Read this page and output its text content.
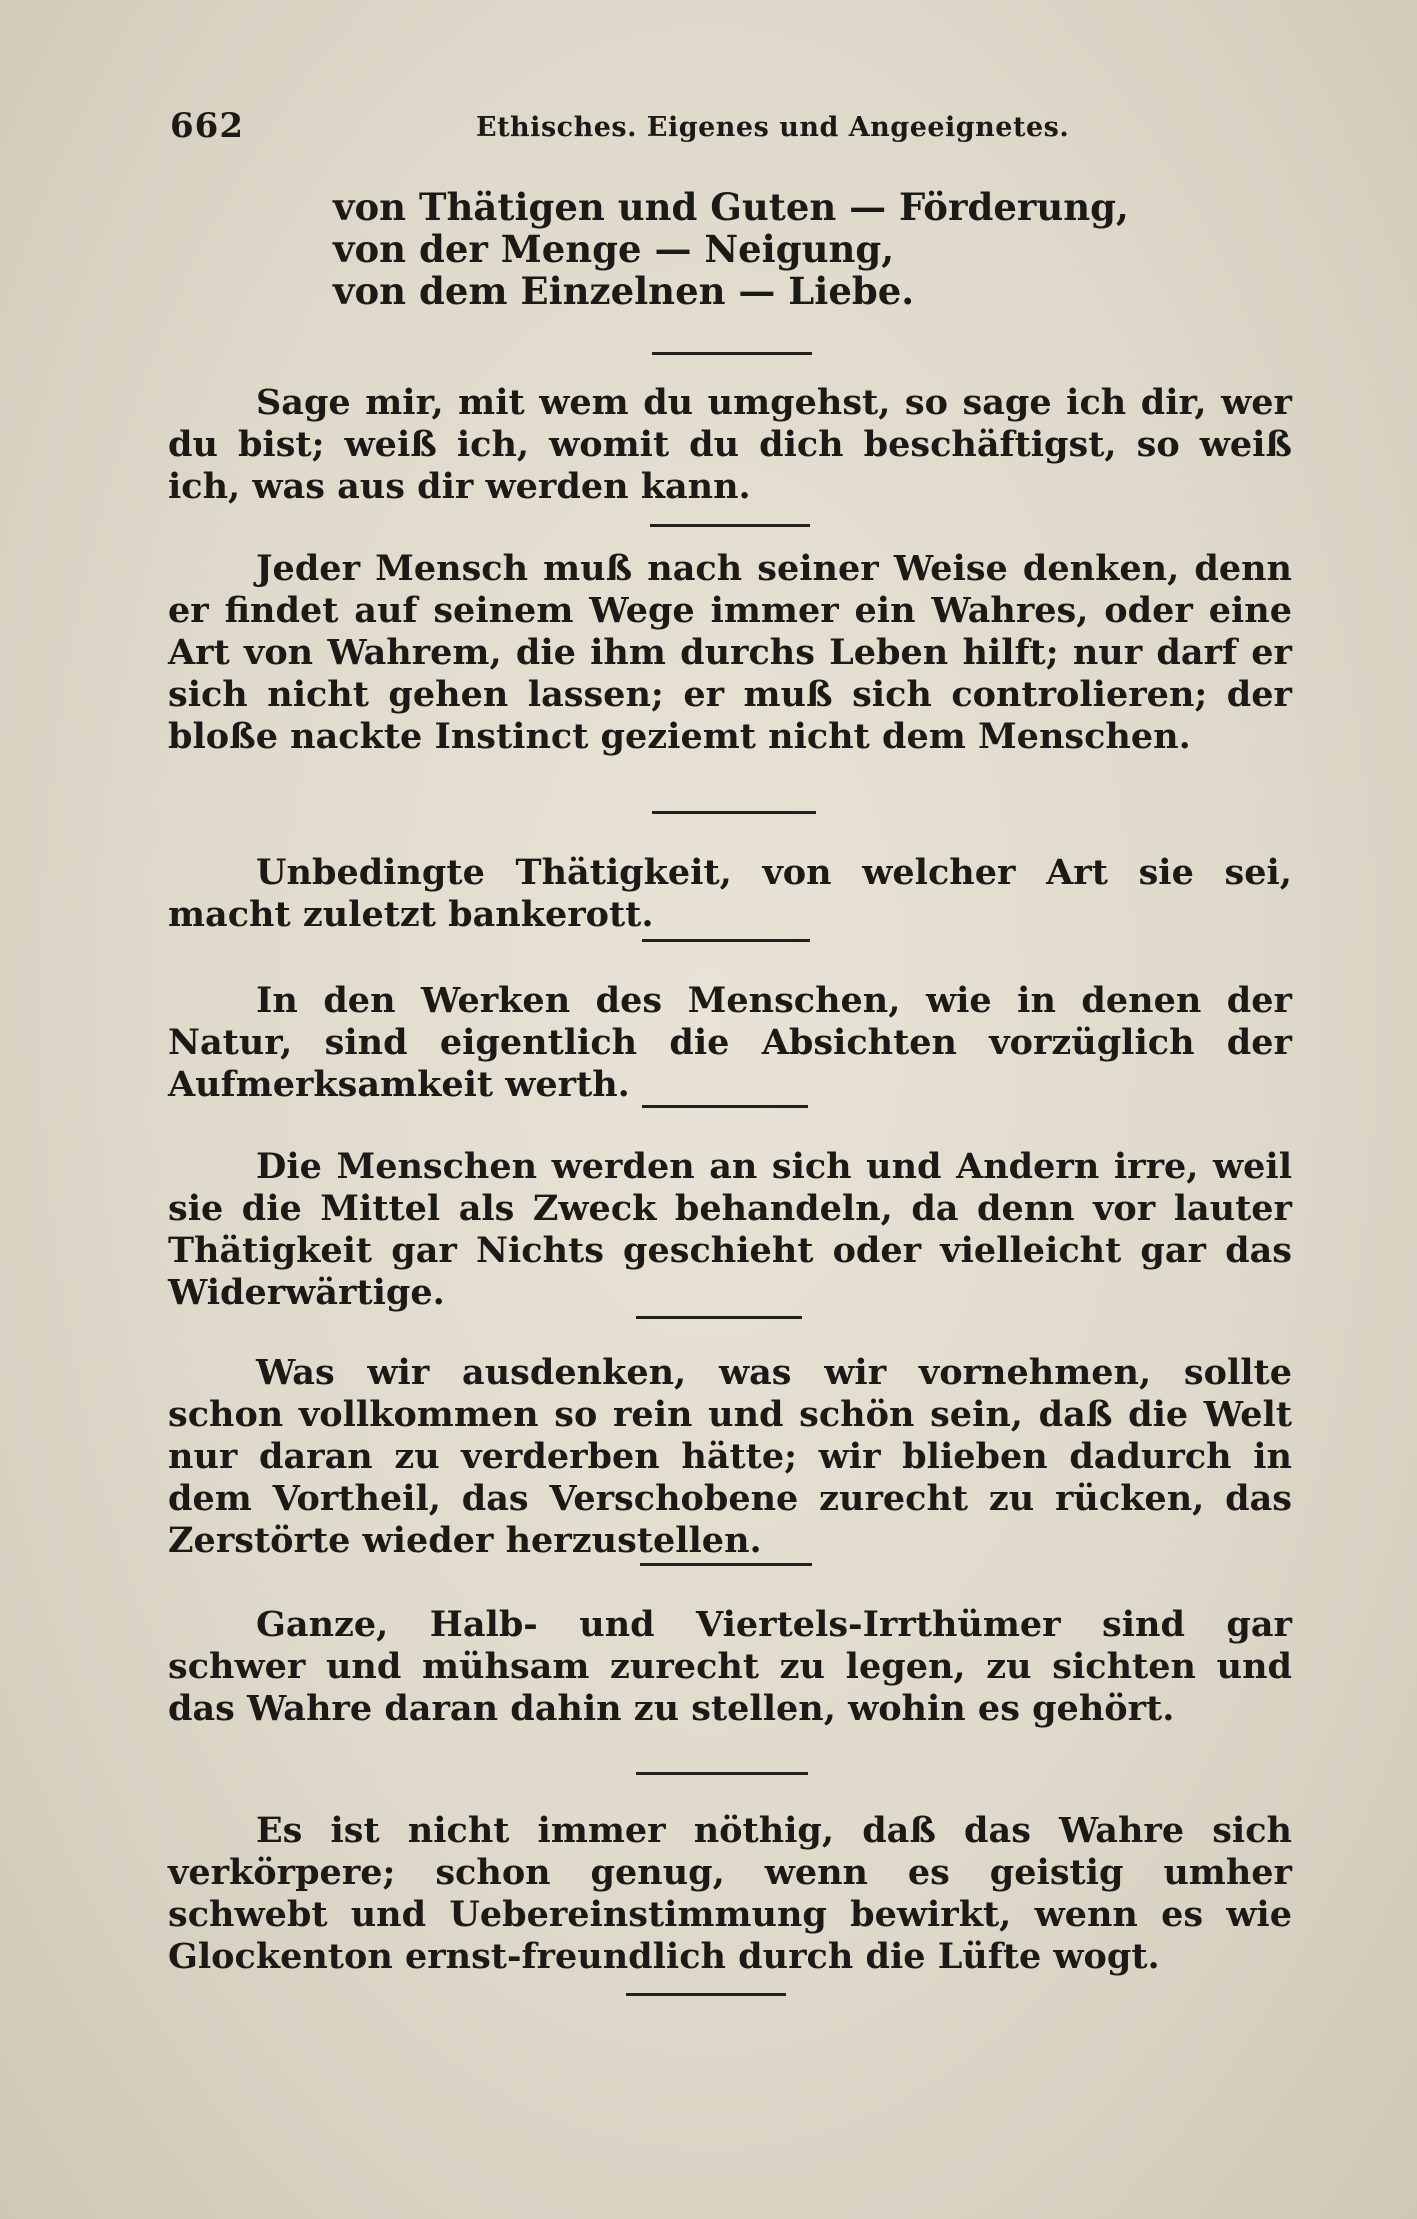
662	Ethisches. Eigenes und Angeeignetes.
von Thätigen und Guten — Förderung,
von der Menge — Neigung,
von dem Einzelnen — Liebe.

Sage mir, mit wem du umgehst, so sage ich dir, wer du bist; weiß ich, womit du dich beschäftigst, so weiß ich, was aus dir werden kann.

Jeder Mensch muß nach seiner Weise denken, denn er findet auf seinem Wege immer ein Wahres, oder eine Art von Wahrem, die ihm durchs Leben hilft; nur darf er sich nicht gehen lassen; er muß sich controlieren; der bloße nackte Instinct geziemt nicht dem Menschen.

Unbedingte Thätigkeit, von welcher Art sie sei, macht zuletzt bankerott.

In den Werken des Menschen, wie in denen der Natur, sind eigentlich die Absichten vorzüglich der Aufmerksamkeit werth.

Die Menschen werden an sich und Andern irre, weil sie die Mittel als Zweck behandeln, da denn vor lauter Thätigkeit gar Nichts geschieht oder vielleicht gar das Widerwärtige.

Was wir ausdenken, was wir vornehmen, sollte schon vollkommen so rein und schön sein, daß die Welt nur daran zu verderben hätte; wir blieben dadurch in dem Vortheil, das Verschobene zurecht zu rücken, das Zerstörte wieder herzustellen.

Ganze, Halb- und Viertels-Irrthümer sind gar schwer und mühsam zurecht zu legen, zu sichten und das Wahre daran dahin zu stellen, wohin es gehört.

Es ist nicht immer nöthig, daß das Wahre sich verkörpere; schon genug, wenn es geistig umher schwebt und Uebereinstimmung bewirkt, wenn es wie Glockenton ernst-freundlich durch die Lüfte wogt.
